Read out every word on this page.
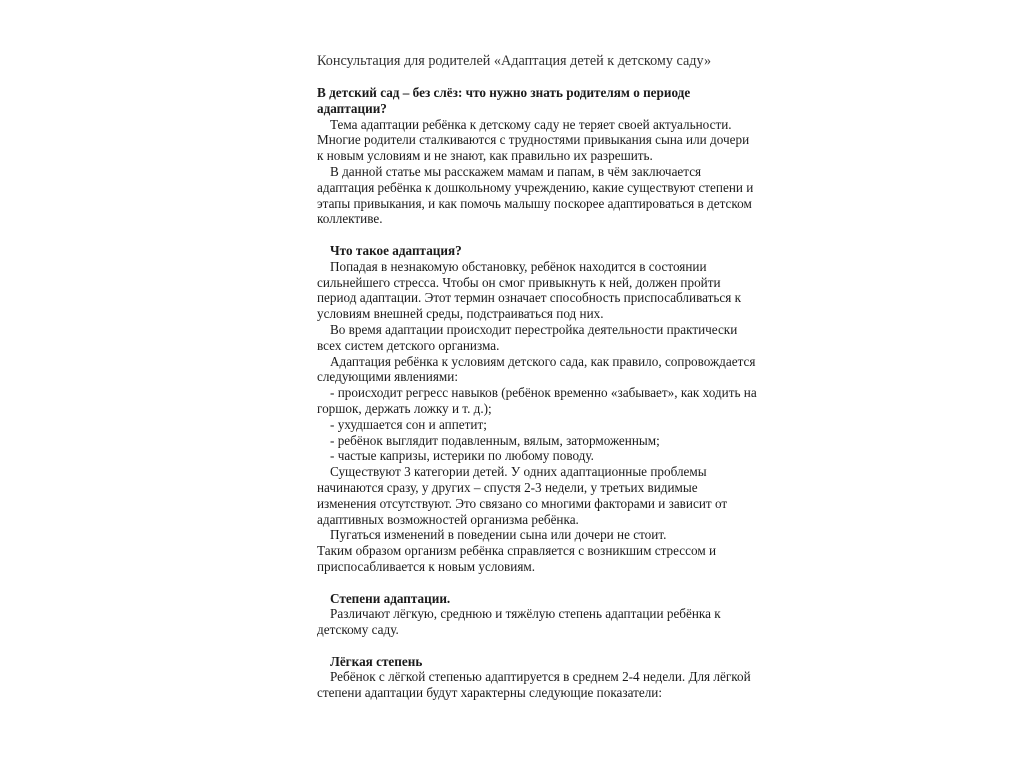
Консультация для родителей «Адаптация детей к детскому саду»

В детский сад – без слёз: что нужно знать родителям о периоде адаптации?

Тема адаптации ребёнка к детскому саду не теряет своей актуальности. Многие родители сталкиваются с трудностями привыкания сына или дочери к новым условиям и не знают, как правильно их разрешить.

В данной статье мы расскажем мамам и папам, в чём заключается адаптация ребёнка к дошкольному учреждению, какие существуют степени и этапы привыкания, и как помочь малышу поскорее адаптироваться в детском коллективе.

Что такое адаптация?

Попадая в незнакомую обстановку, ребёнок находится в состоянии сильнейшего стресса. Чтобы он смог привыкнуть к ней, должен пройти период адаптации. Этот термин означает способность приспосабливаться к условиям внешней среды, подстраиваться под них.

Во время адаптации происходит перестройка деятельности практически всех систем детского организма.

Адаптация ребёнка к условиям детского сада, как правило, сопровождается следующими явлениями:

- происходит регресс навыков (ребёнок временно «забывает», как ходить на горшок, держать ложку и т. д.);

- ухудшается сон и аппетит;

- ребёнок выглядит подавленным, вялым, заторможенным;

- частые капризы, истерики по любому поводу.

Существуют 3 категории детей. У одних адаптационные проблемы начинаются сразу, у других – спустя 2-3 недели, у третьих видимые изменения отсутствуют. Это связано со многими факторами и зависит от адаптивных возможностей организма ребёнка.

Пугаться изменений в поведении сына или дочери не стоит.

Таким образом организм ребёнка справляется с возникшим стрессом и приспосабливается к новым условиям.

Степени адаптации.

Различают лёгкую, среднюю и тяжёлую степень адаптации ребёнка к детскому саду.

Лёгкая степень

Ребёнок с лёгкой степенью адаптируется в среднем 2-4 недели. Для лёгкой степени адаптации будут характерны следующие показатели:
